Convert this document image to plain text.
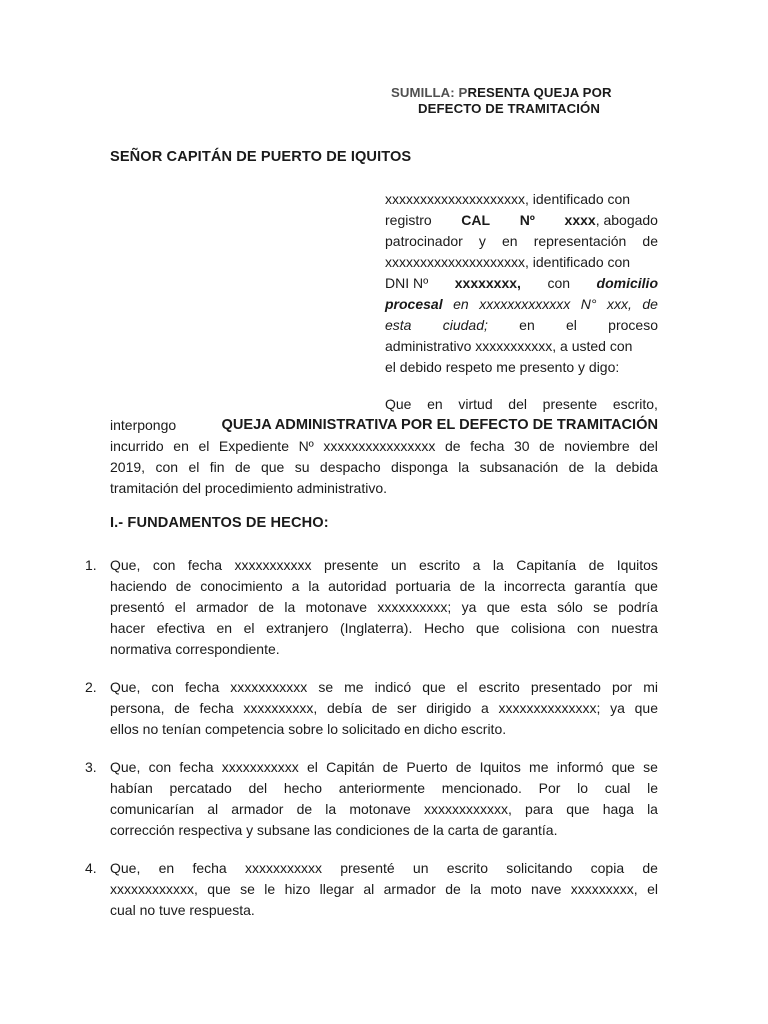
SUMILLA: PRESENTA QUEJA POR
DEFECTO DE TRAMITACIÓN
SEÑOR CAPITÁN DE PUERTO DE IQUITOS
xxxxxxxxxxxxxxxxxxxx, identificado con
registro CAL Nº xxxx, abogado
patrocinador y en representación de
xxxxxxxxxxxxxxxxxxxx, identificado con
DNI Nº xxxxxxxx, con domicilio
procesal en xxxxxxxxxxxxx N° xxx, de
esta ciudad; en el proceso
administrativo xxxxxxxxxxx, a usted con
el debido respeto me presento y digo:
Que en virtud del presente escrito,
interpongo	QUEJA ADMINISTRATIVA POR EL DEFECTO DE TRAMITACIÓN
incurrido en el Expediente Nº xxxxxxxxxxxxxxxx de fecha 30 de noviembre del
2019, con el fin de que su despacho disponga la subsanación de la debida
tramitación del procedimiento administrativo.
I.- FUNDAMENTOS DE HECHO:
1. Que, con fecha xxxxxxxxxxx presente un escrito a la Capitanía de Iquitos
haciendo de conocimiento a la autoridad portuaria de la incorrecta garantía que
presentó el armador de la motonave xxxxxxxxxx; ya que esta sólo se podría
hacer efectiva en el extranjero (Inglaterra). Hecho que colisiona con nuestra
normativa correspondiente.
2. Que, con fecha xxxxxxxxxxx se me indicó que el escrito presentado por mi
persona, de fecha xxxxxxxxxx, debía de ser dirigido a xxxxxxxxxxxxxx; ya que
ellos no tenían competencia sobre lo solicitado en dicho escrito.
3. Que, con fecha xxxxxxxxxxx el Capitán de Puerto de Iquitos me informó que se
habían percatado del hecho anteriormente mencionado. Por lo cual le
comunicarían al armador de la motonave xxxxxxxxxxxx, para que haga la
corrección respectiva y subsane las condiciones de la carta de garantía.
4. Que, en fecha xxxxxxxxxxx presenté un escrito solicitando copia de
xxxxxxxxxxxx, que se le hizo llegar al armador de la moto nave xxxxxxxxx, el
cual no tuve respuesta.
